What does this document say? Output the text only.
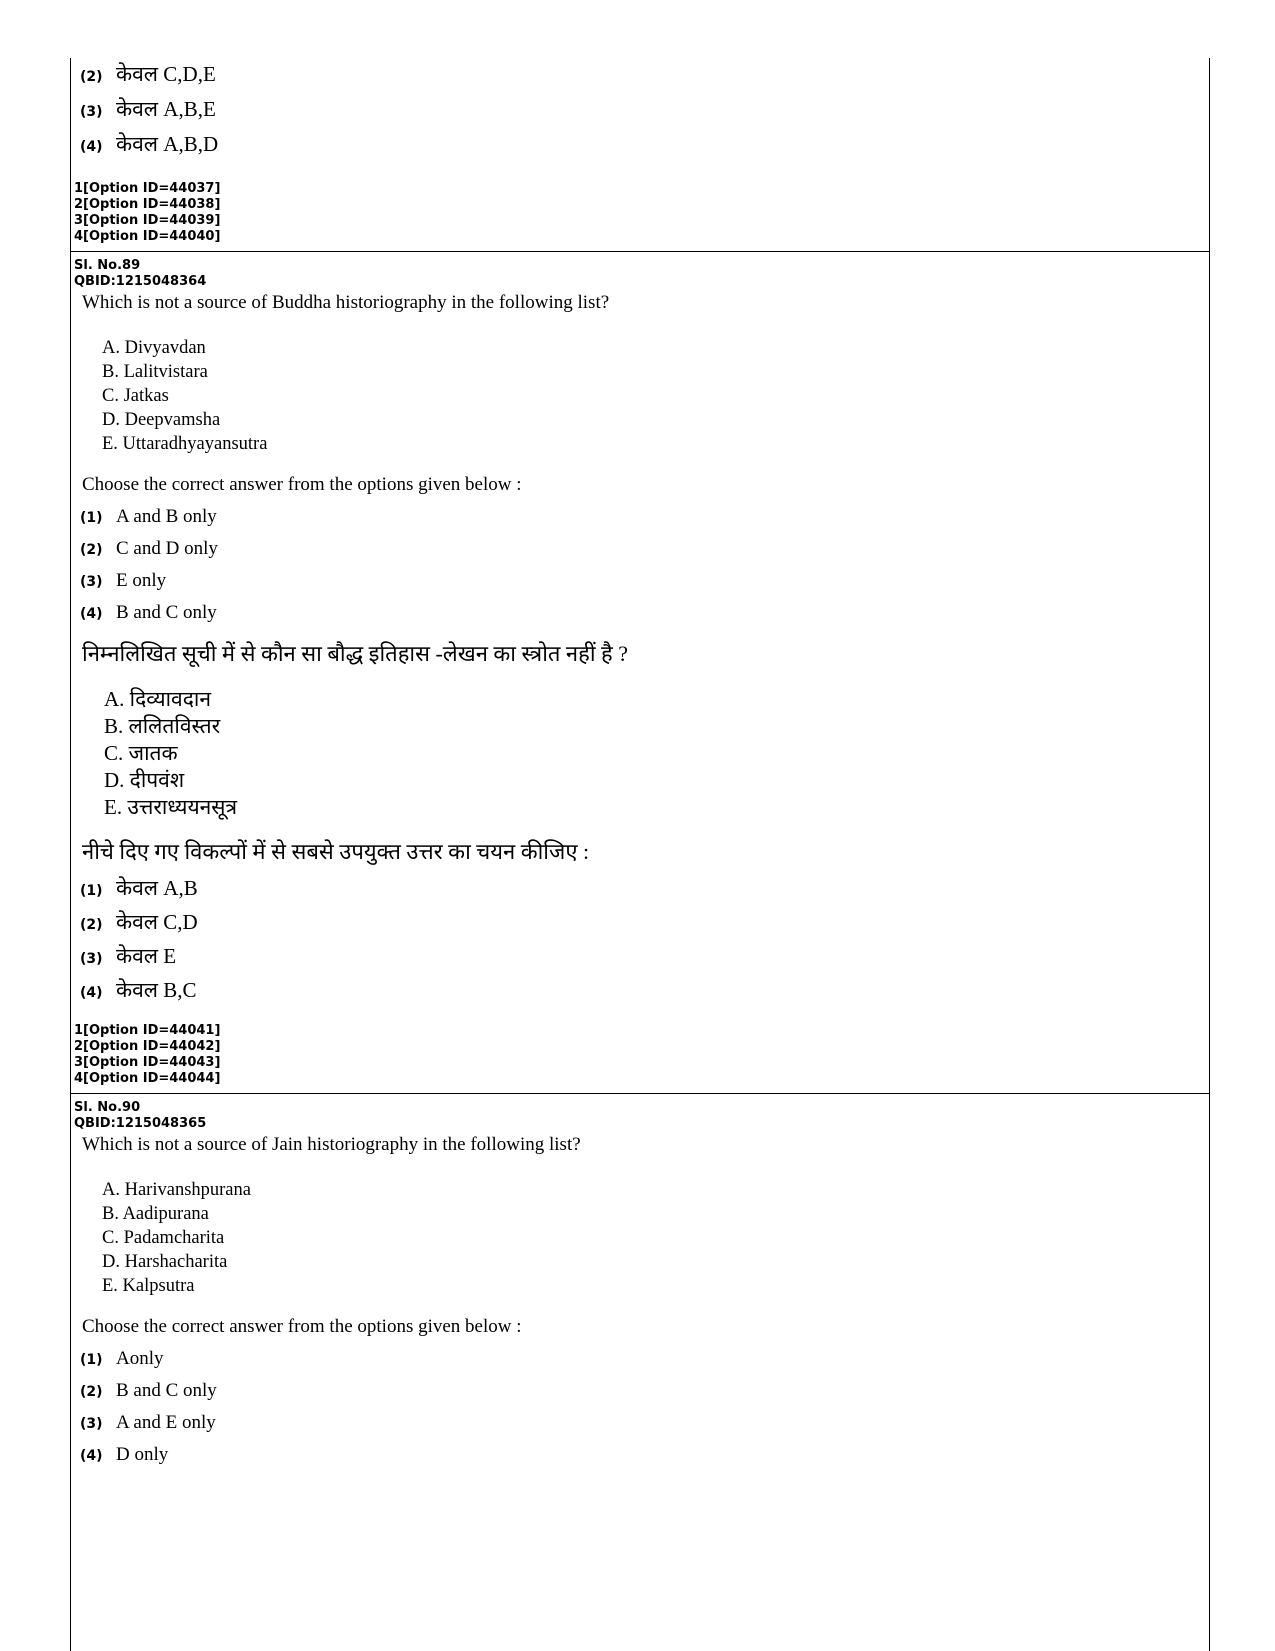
(2) केवल C,D,E
(3) केवल A,B,E
(4) केवल A,B,D
1[Option ID=44037]
2[Option ID=44038]
3[Option ID=44039]
4[Option ID=44040]
Sl. No.89
QBID:1215048364
Which is not a source of Buddha historiography in the following list?
A. Divyavdan
B. Lalitvistara
C. Jatkas
D. Deepvamsha
E. Uttaradhyayansutra
Choose the correct answer from the options given below :
(1) A and B only
(2) C and D only
(3) E only
(4) B and C only
निम्नलिखित सूची में से कौन सा बौद्ध इतिहास -लेखन का स्त्रोत नहीं है ?
A. दिव्यावदान
B. ललितविस्तर
C. जातक
D. दीपवंश
E. उत्तराध्ययनसूत्र
नीचे दिए गए विकल्पों में से सबसे उपयुक्त उत्तर का चयन कीजिए :
(1) केवल A,B
(2) केवल C,D
(3) केवल E
(4) केवल B,C
1[Option ID=44041]
2[Option ID=44042]
3[Option ID=44043]
4[Option ID=44044]
Sl. No.90
QBID:1215048365
Which is not a source of Jain historiography in the following list?
A. Harivanshpurana
B. Aadipurana
C. Padamcharita
D. Harshacharita
E. Kalpsutra
Choose the correct answer from the options given below :
(1) Aonly
(2) B and C only
(3) A and E only
(4) D only
